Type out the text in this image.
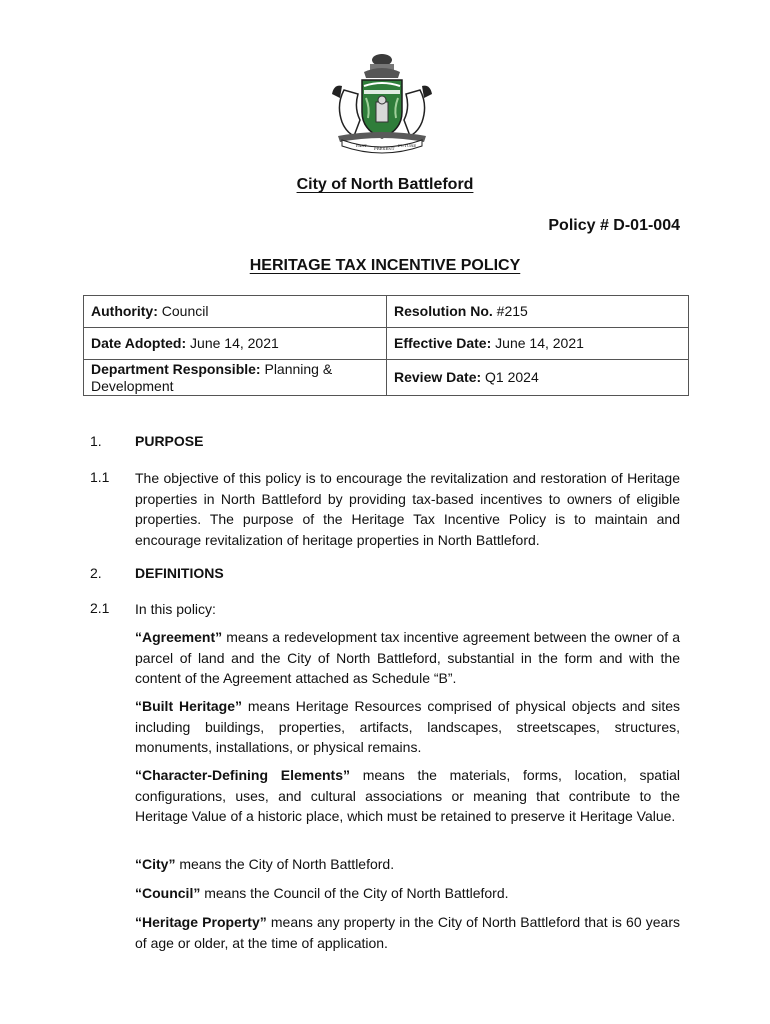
PAST
PRESENT
FUTURE
City of North Battleford
Policy # D-01-004
HERITAGE TAX INCENTIVE POLICY
Authority: Council	Resolution No. #215
Date Adopted: June 14, 2021	Effective Date: June 14, 2021
Department Responsible: Planning & Development	Review Date: Q1 2024
1. PURPOSE
1.1 The objective of this policy is to encourage the revitalization and restoration of Heritage properties in North Battleford by providing tax-based incentives to owners of eligible properties. The purpose of the Heritage Tax Incentive Policy is to maintain and encourage revitalization of heritage properties in North Battleford.
2. DEFINITIONS
2.1 In this policy:
“Agreement” means a redevelopment tax incentive agreement between the owner of a parcel of land and the City of North Battleford, substantial in the form and with the content of the Agreement attached as Schedule “B”.
“Built Heritage” means Heritage Resources comprised of physical objects and sites including buildings, properties, artifacts, landscapes, streetscapes, structures, monuments, installations, or physical remains.
“Character-Defining Elements” means the materials, forms, location, spatial configurations, uses, and cultural associations or meaning that contribute to the Heritage Value of a historic place, which must be retained to preserve it Heritage Value.
“City” means the City of North Battleford.
“Council” means the Council of the City of North Battleford.
“Heritage Property” means any property in the City of North Battleford that is 60 years of age or older, at the time of application.
